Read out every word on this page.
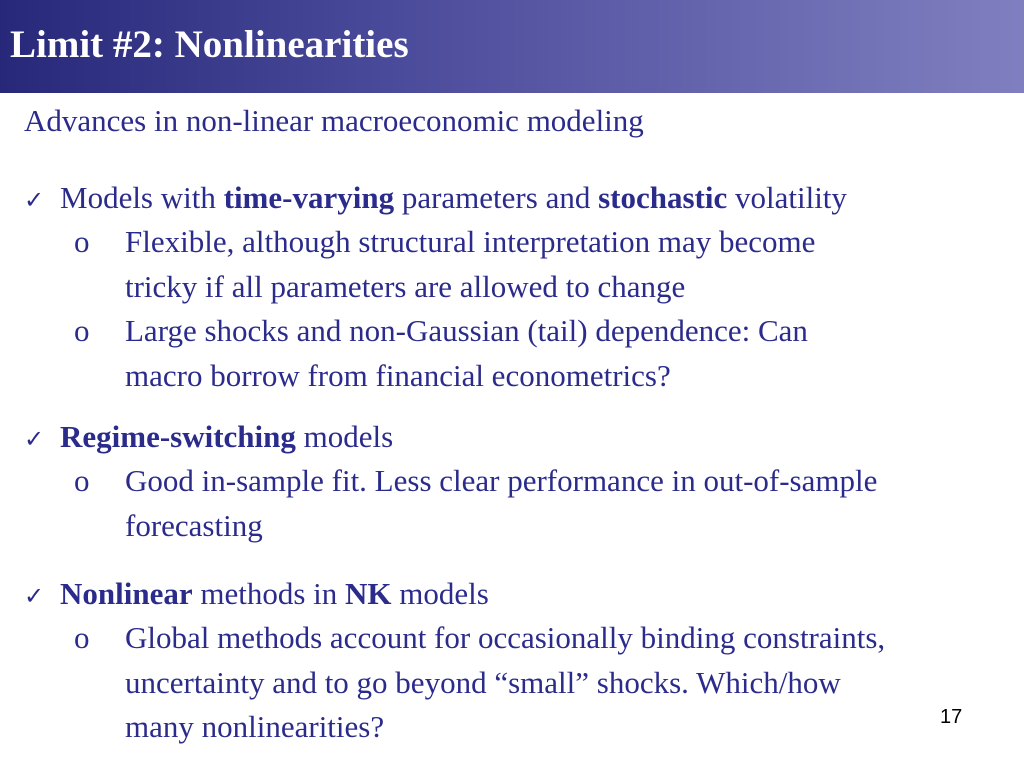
Limit #2: Nonlinearities
Advances in non-linear macroeconomic modeling
✓ Models with time-varying parameters and stochastic volatility
o	Flexible, although structural interpretation may become
tricky if all parameters are allowed to change
o	Large shocks and non-Gaussian (tail) dependence: Can
macro borrow from financial econometrics?
✓ Regime-switching models
o	Good in-sample fit. Less clear performance in out-of-sample
forecasting
✓ Nonlinear methods in NK models
o	Global methods account for occasionally binding constraints,
uncertainty and to go beyond “small” shocks. Which/how
many nonlinearities?	17
